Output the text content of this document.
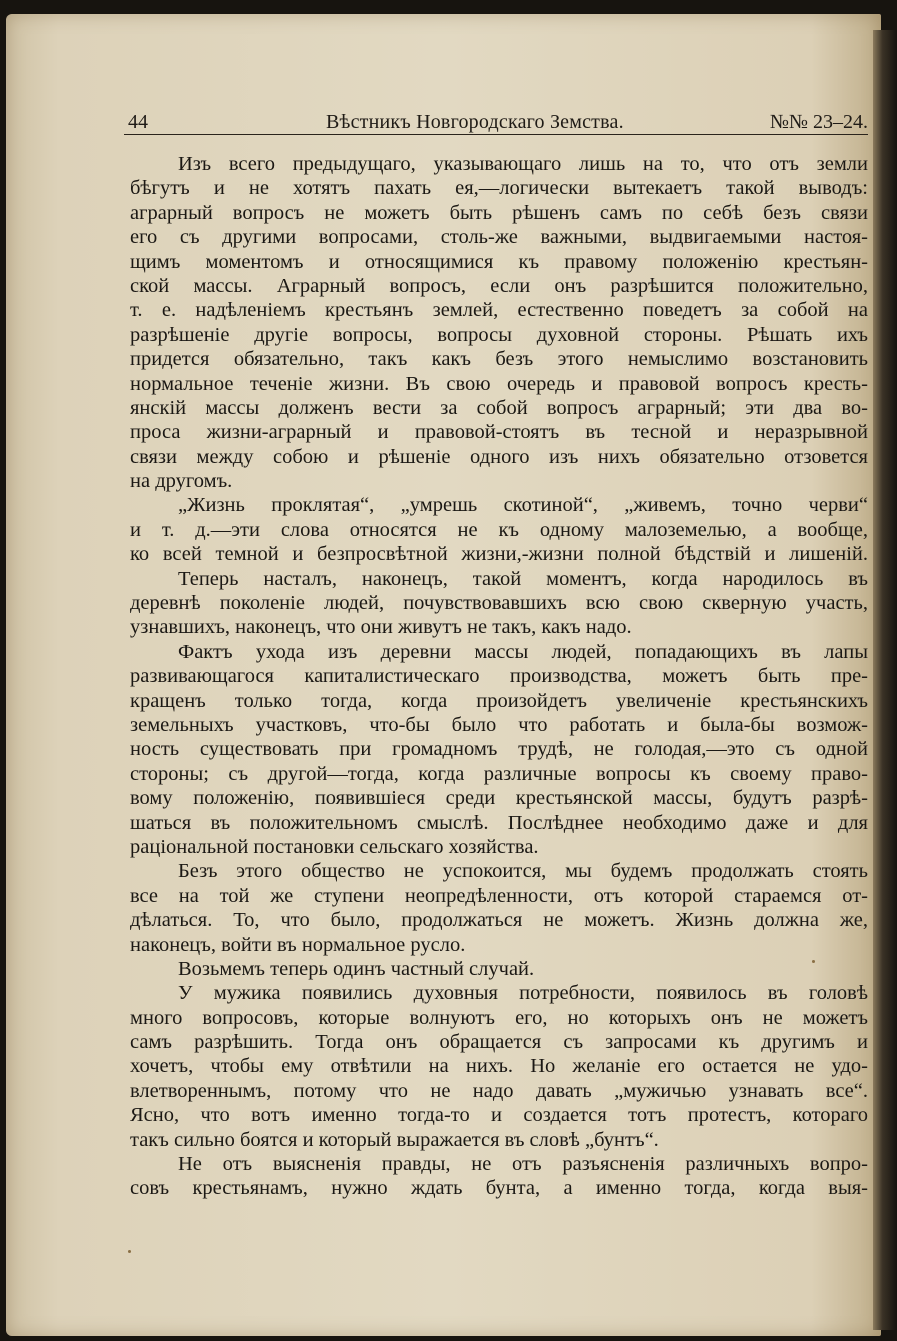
44	Вѣстникъ Новгородскаго Земства.	№№ 23–24.
Изъ всего предыдущаго, указывающаго лишь на то, что отъ земли
бѣгутъ и не хотятъ пахать ея,—логически вытекаетъ такой выводъ:
аграрный вопросъ не можетъ быть рѣшенъ самъ по себѣ безъ связи
его съ другими вопросами, столь-же важными, выдвигаемыми настоя-
щимъ моментомъ и относящимися къ правому положенію крестьян-
ской массы. Аграрный вопросъ, если онъ разрѣшится положительно,
т. е. надѣленіемъ крестьянъ землей, естественно поведетъ за собой на
разрѣшеніе другіе вопросы, вопросы духовной стороны. Рѣшать ихъ
придется обязательно, такъ какъ безъ этого немыслимо возстановить
нормальное теченіе жизни. Въ свою очередь и правовой вопросъ кресть-
янскій массы долженъ вести за собой вопросъ аграрный; эти два во-
проса жизни-аграрный и правовой-стоятъ въ тесной и неразрывной
связи между собою и рѣшеніе одного изъ нихъ обязательно отзовется
на другомъ.
„Жизнь проклятая“, „умрешь скотиной“, „живемъ, точно черви“
и т. д.—эти слова относятся не къ одному малоземелью, а вообще,
ко всей темной и безпросвѣтной жизни,-жизни полной бѣдствій и лишеній.
Теперь насталъ, наконецъ, такой моментъ, когда народилось въ
деревнѣ поколеніе людей, почувствовавшихъ всю свою скверную участь,
узнавшихъ, наконецъ, что они живутъ не такъ, какъ надо.
Фактъ ухода изъ деревни массы людей, попадающихъ въ лапы
развивающагося капиталистическаго производства, можетъ быть пре-
кращенъ только тогда, когда произойдетъ увеличеніе крестьянскихъ
земельныхъ участковъ, что-бы было что работать и была-бы возмож-
ность существовать при громадномъ трудѣ, не голодая,—это съ одной
стороны; съ другой—тогда, когда различные вопросы къ своему право-
вому положенію, появившіеся среди крестьянской массы, будутъ разрѣ-
шаться въ положительномъ смыслѣ. Послѣднее необходимо даже и для
раціональной постановки сельскаго хозяйства.
Безъ этого общество не успокоится, мы будемъ продолжать стоять
все на той же ступени неопредѣленности, отъ которой стараемся от-
дѣлаться. То, что было, продолжаться не можетъ. Жизнь должна же,
наконецъ, войти въ нормальное русло.
Возьмемъ теперь одинъ частный случай.
У мужика появились духовныя потребности, появилось въ головѣ
много вопросовъ, которые волнуютъ его, но которыхъ онъ не можетъ
самъ разрѣшить. Тогда онъ обращается съ запросами къ другимъ и
хочетъ, чтобы ему отвѣтили на нихъ. Но желаніе его остается не удо-
влетвореннымъ, потому что не надо давать „мужичью узнавать все“.
Ясно, что вотъ именно тогда-то и создается тотъ протестъ, котораго
такъ сильно боятся и который выражается въ словѣ „бунтъ“.
Не отъ выясненія правды, не отъ разъясненія различныхъ вопро-
совъ крестьянамъ, нужно ждать бунта, а именно тогда, когда выя-
